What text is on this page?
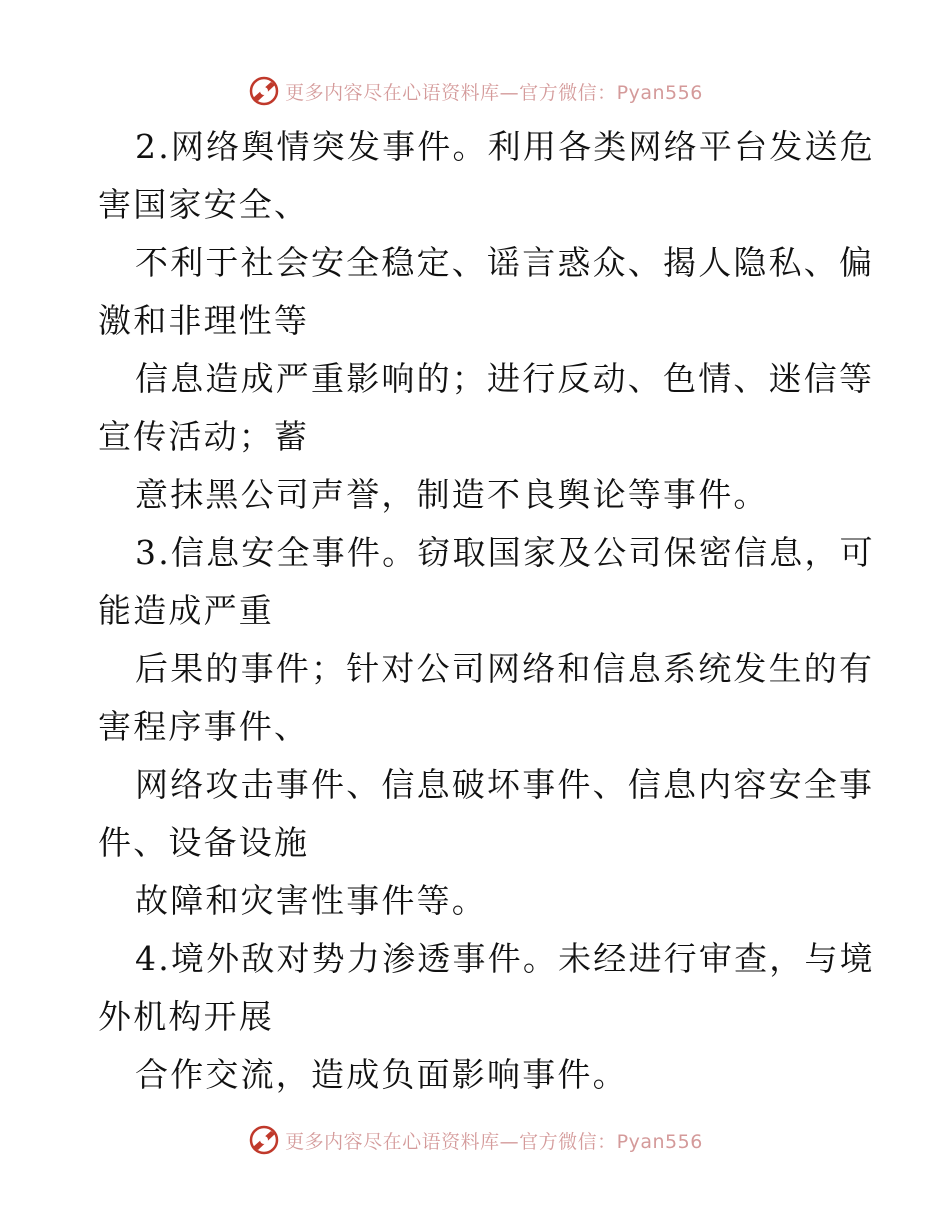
更多内容尽在心语资料库—官方微信：Pyan556

2.网络舆情突发事件。利用各类网络平台发送危

害国家安全、

不利于社会安全稳定、谣言惑众、揭人隐私、偏

激和非理性等

信息造成严重影响的；进行反动、色情、迷信等

宣传活动；蓄

意抹黑公司声誉，制造不良舆论等事件。

3.信息安全事件。窃取国家及公司保密信息，可

能造成严重

后果的事件；针对公司网络和信息系统发生的有

害程序事件、

网络攻击事件、信息破坏事件、信息内容安全事

件、设备设施

故障和灾害性事件等。

4.境外敌对势力渗透事件。未经进行审查，与境

外机构开展

合作交流，造成负面影响事件。

更多内容尽在心语资料库—官方微信：Pyan556
